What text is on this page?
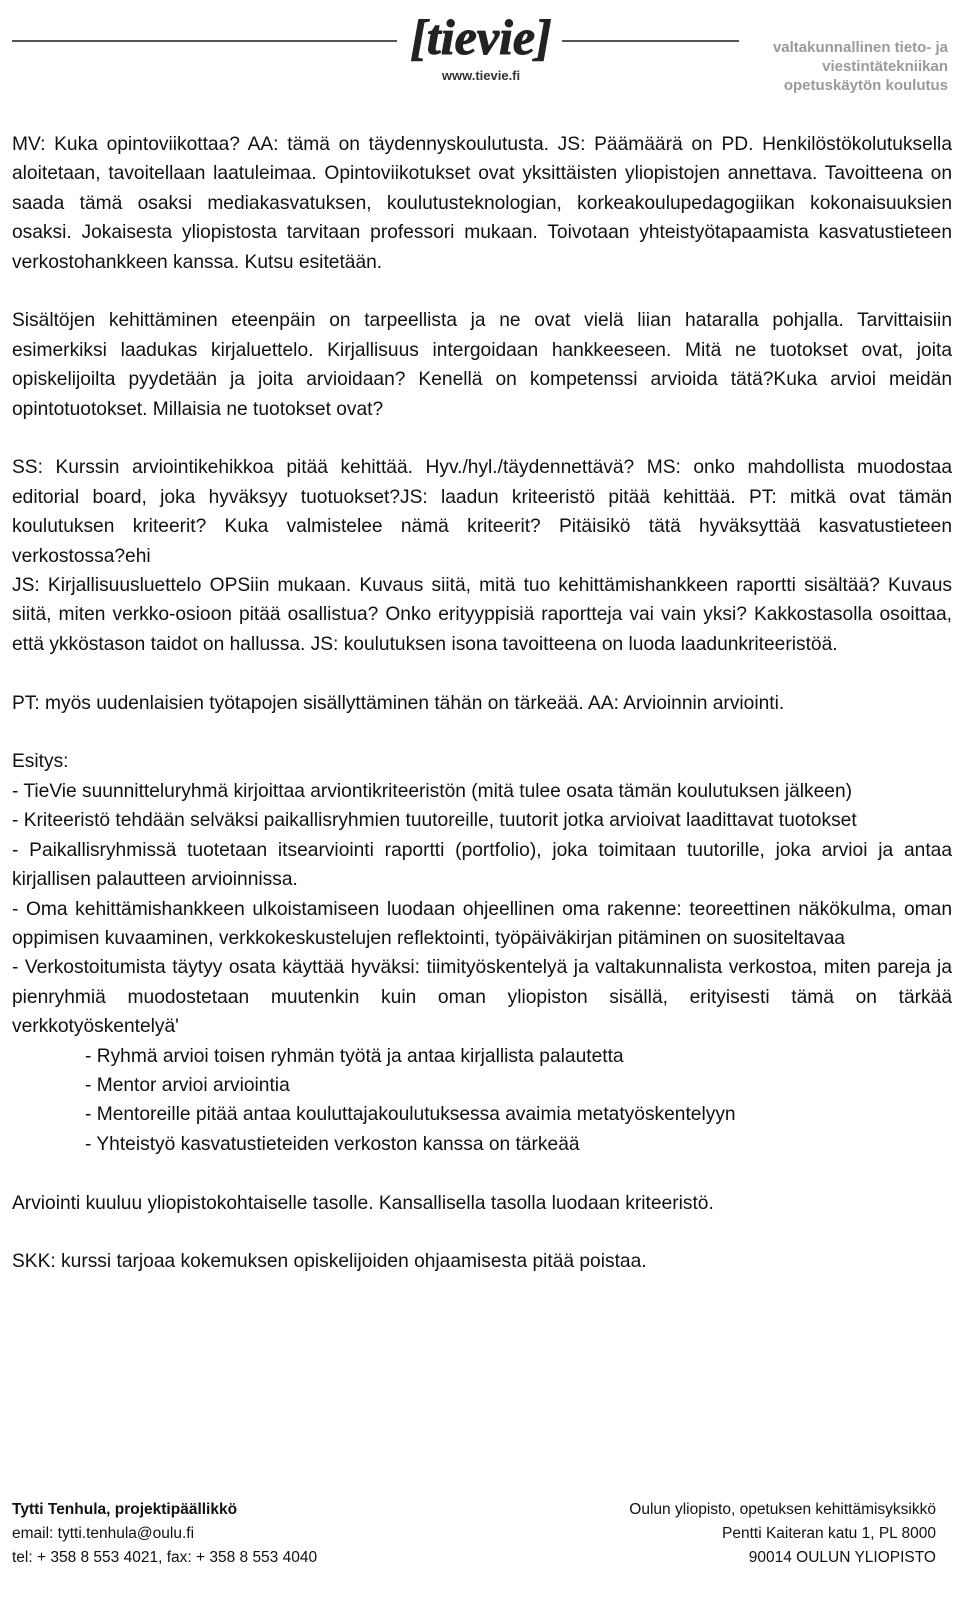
[tievie]
www.tievie.fi
valtakunnallinen tieto- ja
viestintätekniikan
opetuskäytön koulutus

MV: Kuka opintoviikottaa? AA: tämä on täydennyskoulutusta. JS: Päämäärä on PD. Henkilöstökolutuksella aloitetaan, tavoitellaan laatuleimaa. Opintoviikotukset ovat yksittäisten yliopistojen annettava. Tavoitteena on saada tämä osaksi mediakasvatuksen, koulutusteknologian, korkeakoulupedagogiikan kokonaisuuksien osaksi. Jokaisesta yliopistosta tarvitaan professori mukaan. Toivotaan yhteistyötapaamista kasvatustieteen verkostohankkeen kanssa. Kutsu esitetään.

Sisältöjen kehittäminen eteenpäin on tarpeellista ja ne ovat vielä liian hataralla pohjalla. Tarvittaisiin esimerkiksi laadukas kirjaluettelo. Kirjallisuus intergoidaan hankkeeseen. Mitä ne tuotokset ovat, joita opiskelijoilta pyydetään ja joita arvioidaan? Kenellä on kompetenssi arvioida tätä?Kuka arvioi meidän opintotuotokset. Millaisia ne tuotokset ovat?

SS: Kurssin arviointikehikkoa pitää kehittää. Hyv./hyl./täydennettävä? MS: onko mahdollista muodostaa editorial board, joka hyväksyy tuotuokset?JS: laadun kriteeristö pitää kehittää. PT: mitkä ovat tämän koulutuksen kriteerit? Kuka valmistelee nämä kriteerit? Pitäisikö tätä hyväksyttää kasvatustieteen verkostossa?ehi

JS: Kirjallisuusluettelo OPSiin mukaan. Kuvaus siitä, mitä tuo kehittämishankkeen raportti sisältää? Kuvaus siitä, miten verkko-osioon pitää osallistua? Onko erityyppisiä raportteja vai vain yksi? Kakkostasolla osoittaa, että ykköstason taidot on hallussa. JS: koulutuksen isona tavoitteena on luoda laadunkriteeristöä.

PT: myös uudenlaisien työtapojen sisällyttäminen tähän on tärkeää. AA: Arvioinnin arviointi.

Esitys:

- TieVie suunnitteluryhmä kirjoittaa arviontikriteeristön (mitä tulee osata tämän koulutuksen jälkeen)

- Kriteeristö tehdään selväksi paikallisryhmien tuutoreille, tuutorit jotka arvioivat laadittavat tuotokset

- Paikallisryhmissä tuotetaan itsearviointi raportti (portfolio), joka toimitaan tuutorille, joka arvioi ja antaa kirjallisen palautteen arvioinnissa.

- Oma kehittämishankkeen ulkoistamiseen luodaan ohjeellinen oma rakenne: teoreettinen näkökulma, oman oppimisen kuvaaminen, verkkokeskustelujen reflektointi, työpäiväkirjan pitäminen on suositeltavaa

- Verkostoitumista täytyy osata käyttää hyväksi: tiimityöskentelyä ja valtakunnalista verkostoa, miten pareja ja pienryhmiä muodostetaan muutenkin kuin oman yliopiston sisällä, erityisesti tämä on tärkää verkkotyöskentelyä'

- Ryhmä arvioi toisen ryhmän työtä ja antaa kirjallista palautetta

- Mentor arvioi arviointia

- Mentoreille pitää antaa kouluttajakoulutuksessa avaimia metatyöskentelyyn

- Yhteistyö kasvatustieteiden verkoston kanssa on tärkeää

Arviointi kuuluu yliopistokohtaiselle tasolle. Kansallisella tasolla luodaan kriteeristö.

SKK: kurssi tarjoaa kokemuksen opiskelijoiden ohjaamisesta pitää poistaa.

Tytti Tenhula, projektipäällikkö
email: tytti.tenhula@oulu.fi
tel: + 358 8 553 4021, fax: + 358 8 553 4040
Oulun yliopisto, opetuksen kehittämisyksikkö
Pentti Kaiteran katu 1, PL 8000
90014 OULUN YLIOPISTO
